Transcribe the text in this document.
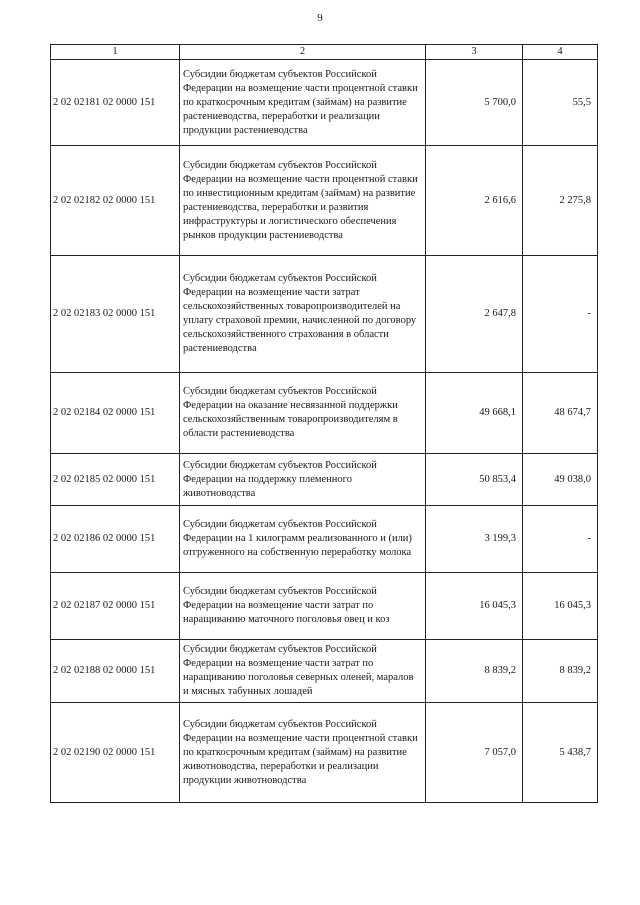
9
1	2	3	4
2 02 02181 02 0000 151	Субсидии бюджетам субъектов Российской Федерации на возмещение части процентной ставки по краткосрочным кредитам (займам) на развитие растениеводства, переработки и реализации продукции растениеводства	5 700,0	55,5
2 02 02182 02 0000 151	Субсидии бюджетам субъектов Российской Федерации на возмещение части процентной ставки по инвестиционным кредитам (займам) на развитие растениеводства, переработки и развития инфраструктуры и логистического обеспечения рынков продукции растениеводства	2 616,6	2 275,8
2 02 02183 02 0000 151	Субсидии бюджетам субъектов Российской Федерации на возмещение части затрат сельскохозяйственных товаропроизводителей на уплату страховой премии, начисленной по договору сельскохозяйственного страхования в области растениеводства	2 647,8	-
2 02 02184 02 0000 151	Субсидии бюджетам субъектов Российской Федерации на оказание несвязанной поддержки сельскохозяйственным товаропроизводителям в области растениеводства	49 668,1	48 674,7
2 02 02185 02 0000 151	Субсидии бюджетам субъектов Российской Федерации на поддержку племенного животноводства	50 853,4	49 038,0
2 02 02186 02 0000 151	Субсидии бюджетам субъектов Российской Федерации на 1 килограмм реализованного и (или) отгруженного на собственную переработку молока	3 199,3	-
2 02 02187 02 0000 151	Субсидии бюджетам субъектов Российской Федерации на возмещение части затрат по наращиванию маточного поголовья овец и коз	16 045,3	16 045,3
2 02 02188 02 0000 151	Субсидии бюджетам субъектов Российской Федерации на возмещение части затрат по наращиванию поголовья северных оленей, маралов и мясных табунных лошадей	8 839,2	8 839,2
2 02 02190 02 0000 151	Субсидии бюджетам субъектов Российской Федерации на возмещение части процентной ставки по краткосрочным кредитам (займам) на развитие животноводства, переработки и реализации продукции животноводства	7 057,0	5 438,7
